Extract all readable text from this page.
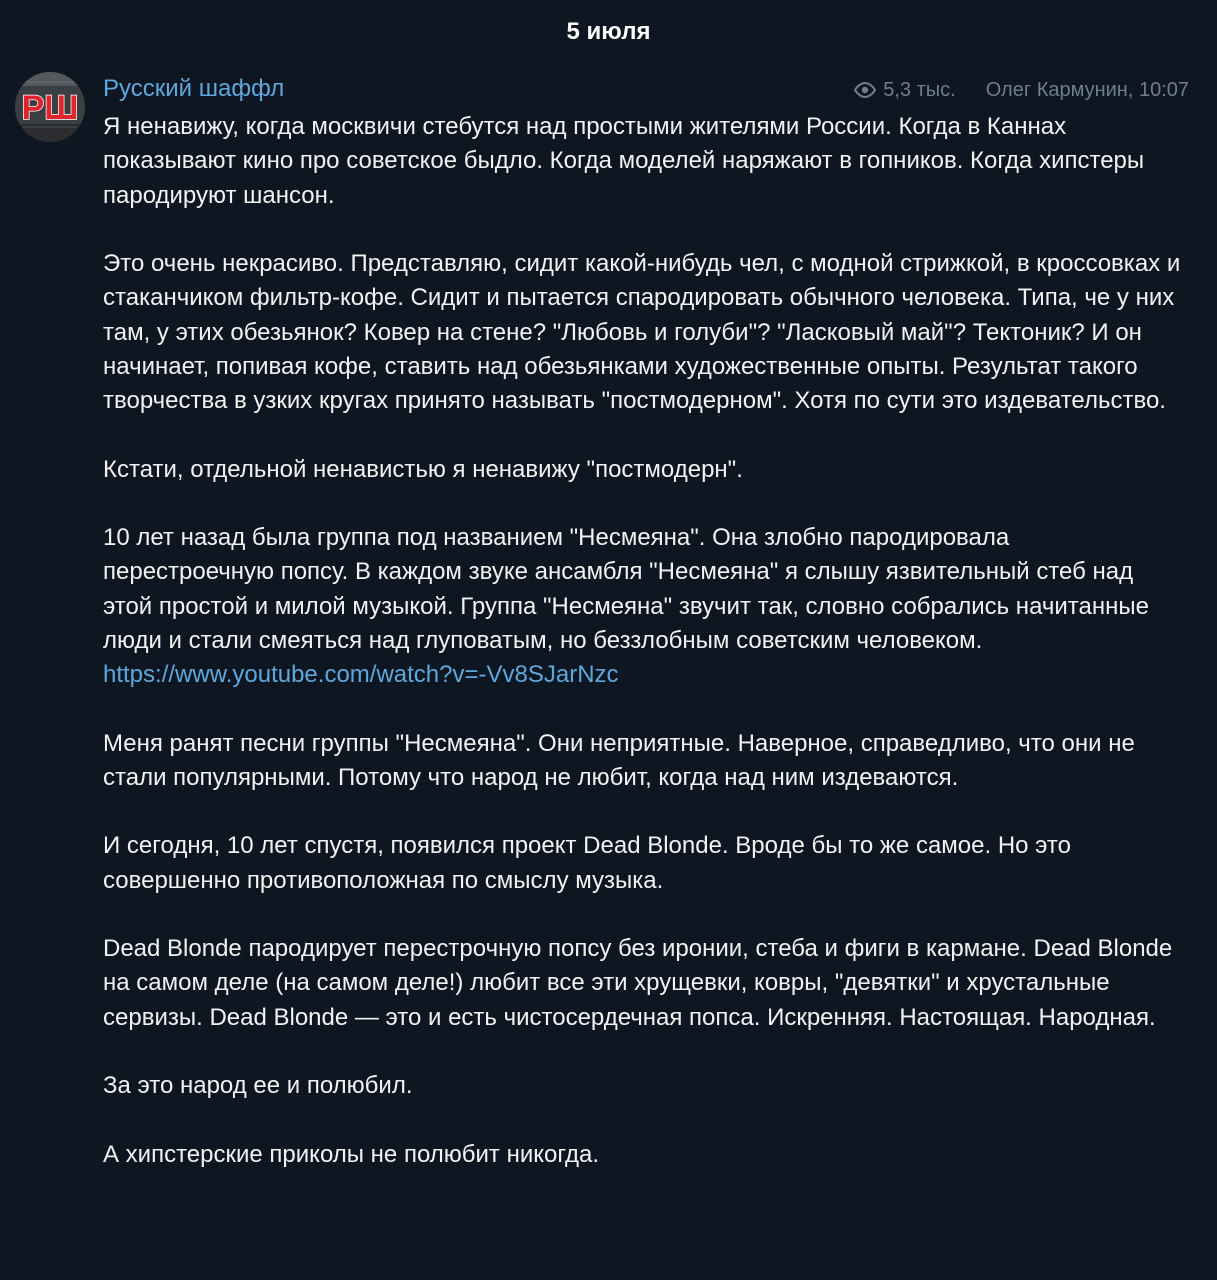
5 июля
РШ
Русский шаффл	5,3 тыс. Олег Кармунин, 10:07

Я ненавижу, когда москвичи стебутся над простыми жителями России. Когда в Каннах показывают кино про советское быдло. Когда моделей наряжают в гопников. Когда хипстеры пародируют шансон.

Это очень некрасиво. Представляю, сидит какой-нибудь чел, с модной стрижкой, в кроссовках и стаканчиком фильтр-кофе. Сидит и пытается спародировать обычного человека. Типа, че у них там, у этих обезьянок? Ковер на стене? "Любовь и голуби"? "Ласковый май"? Тектоник? И он начинает, попивая кофе, ставить над обезьянками художественные опыты. Результат такого творчества в узких кругах принято называть "постмодерном". Хотя по сути это издевательство.

Кстати, отдельной ненавистью я ненавижу "постмодерн".

10 лет назад была группа под названием "Несмеяна". Она злобно пародировала перестроечную попсу. В каждом звуке ансамбля "Несмеяна" я слышу язвительный стеб над этой простой и милой музыкой. Группа "Несмеяна" звучит так, словно собрались начитанные люди и стали смеяться над глуповатым, но беззлобным советским человеком.
https://www.youtube.com/watch?v=-Vv8SJarNzc

Меня ранят песни группы "Несмеяна". Они неприятные. Наверное, справедливо, что они не стали популярными. Потому что народ не любит, когда над ним издеваются.

И сегодня, 10 лет спустя, появился проект Dead Blonde. Вроде бы то же самое. Но это совершенно противоположная по смыслу музыка.

Dead Blonde пародирует перестрочную попсу без иронии, стеба и фиги в кармане. Dead Blonde на самом деле (на самом деле!) любит все эти хрущевки, ковры, "девятки" и хрустальные сервизы. Dead Blonde — это и есть чистосердечная попса. Искренняя. Настоящая. Народная.

За это народ ее и полюбил.

А хипстерские приколы не полюбит никогда.
